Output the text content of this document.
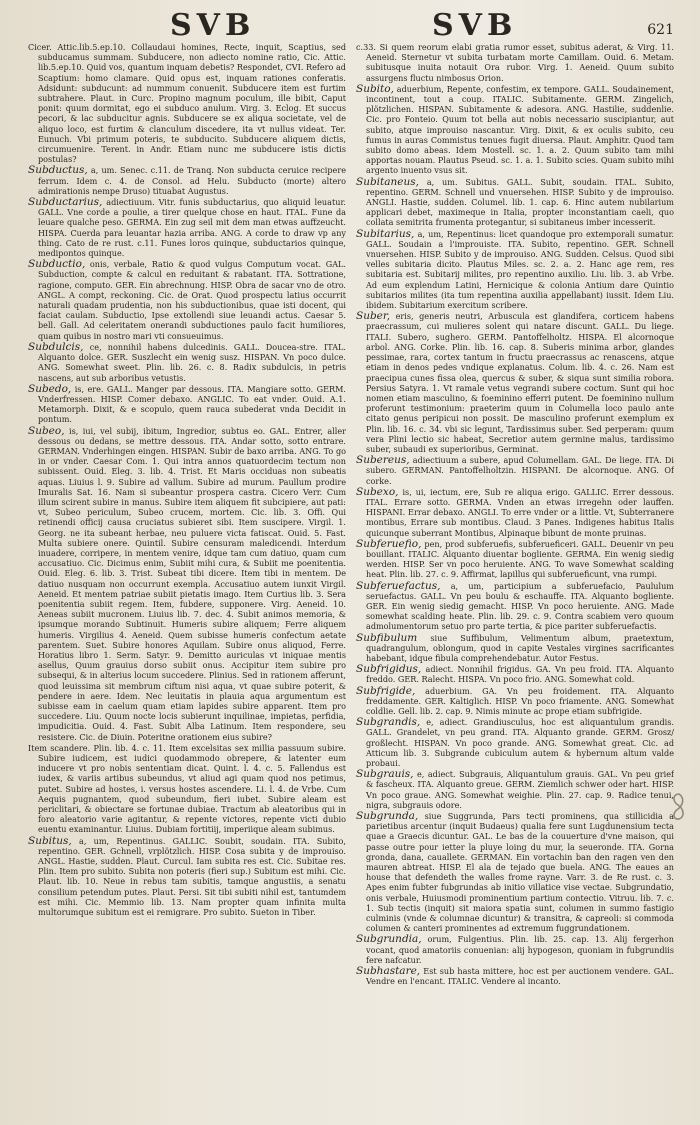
SVB	SVB	621
Cicer. Attic.lib.5.ep.10. Collaudaui homines, Recte, inquit, Scaptius, sed subducamus summam. Subducere, non adiecto nomine ratio, Cic. Attic. lib.5.ep.10. Quid vos, quantum inquam debetis? Respondet, CVI. Refero ad Scaptium: homo clamare. Quid opus est, inquam rationes conferatis. Adsidunt: subducunt: ad nummum conuenit. Subducere item est furtim subtrahere. Plaut. in Curc. Propino magnum poculum, ille bibit, Caput ponit: quum dormitat, ego ei subduco anulum. Virg. 3. Eclog. Et succus pecori, & lac subducitur agnis. Subducere se ex aliqua societate, vel de aliquo loco, est furtim & clanculum discedere, ita vt nullus videat. Ter. Eunuch. Vbi primum poteris, te subducito. Subducere aliquem dictis, circumuenire. Terent. in Andr. Etiam nunc me subducere istis dictis postulas?
Subductus, a, um. Senec. c.11. de Tranq. Non subducta ceruice recipere ferrum. Idem c. 4. de Consol. ad Helu. Subducto (morte) altero admirationis nempe Druso) tituabat Augustus.
Subductarius, adiectiuum. Vitr. funis subductarius, quo aliquid leuatur. GALL. Vne corde a poulie, a tirer quelque chose en haut. ITAL. Fune da leuare qualche peso. GERMA. Ein zug seil mit dem man etwas auffzeucht. HISPA. Cuerda para leuantar hazia arriba. ANG. A corde to draw vp any thing. Cato de re rust. c.11. Funes loros quinque, subductarios quinque, medipontos quinque.
Subductio, onis, verbale, Ratio & quod vulgus Computum vocat. GAL. Subduction, compte & calcul en reduitant & rabatant. ITA. Sottratione, ragione, computo. GER. Ein abrechnung. HISP. Obra de sacar vno de otro. ANGL. A compt, reckoning. Cic. de Orat. Quod prospectu latius occurrit naturali quadam prudentia, non his subductionibus, quae isti docent, qui faciat caulam. Subductio, Ipse extollendi siue leuandi actus. Caesar 5. bell. Gall. Ad celeritatem onerandi subductiones paulo facit humiliores, quam quibus in nostro mari vti consueuimus.
Subdulcis, ce, nonnihil habens dulcedinis. GALL. Doucea-stre. ITAL. Alquanto dolce. GER. Suszlecht ein wenig susz. HISPAN. Vn poco dulce. ANG. Somewhat sweet. Plin. lib. 26. c. 8. Radix subdulcis, in petris nascens, aut sub arboribus vetustis.
Subedo, is, ere. GALL. Manger par dessous. ITA. Mangiare sotto. GERM. Vnderfressen. HISP. Comer debaxo. ANGLIC. To eat vnder. Ouid. A.1. Metamorph. Dixit, & e scopulo, quem rauca subederat vnda Decidit in pontum.
Subeo, is, iui, vel subij, ibitum, Ingredior, subtus eo. GAL. Entrer, aller dessous ou dedans, se mettre dessous. ITA. Andar sotto, sotto entrare. GERMAN. Vnderhingen eingen. HISPAN. Subir de baxo arriba. ANG. To go in or vnder. Caesar Com. 1. Qui intra annos quatuordecim tectum non subissent. Ouid. Eleg. 3. lib. 4. Trist. Et Maris occiduas non subeatis aquas. Liuius l. 9. Subire ad vallum. Subire ad murum. Paullum prodire Imuralis Sat. 16. Nam si subeantur prospera castra. Cicero Verr. Cum illum scirent subire in manus. Subire item aliquem fit subcipiere, aut pati: vt, Subeo periculum, Subeo crucem, mortem. Cic. lib. 3. Offi. Qui retinendi officij causa cruciatus subieret sibi. Item suscipere. Virgil. 1. Georg. ne ita subeant herbae, neu puluere victa fatiscat. Ouid. 5. Fast. Multa subiere onere. Quintil. Subire censuram maledicendi. Interdum inuadere, corripere, in mentem venire, idque tam cum datiuo, quam cum accusatiuo. Cic. Dicimus enim, Subiit mihi cura, & Subiit me poenitentia. Ouid. Eleg. 6. lib. 3. Trist. Subeat tibi dicere. Item tibi in mentem. De datiuo nusquam non occurrunt exempla. Accusatiuo autem iunxit Virgil. Aeneid. Et mentem patriae subiit pietatis imago. Item Curtius lib. 3. Sera poenitentia subiit regem. Item, fubdere, supponere. Virg. Aeneid. 10. Aeneas subiit mucronem. Liuius lib. 7. dec. 4. Subit animos memoria, & ipsumque morando Subtinuit. Humeris subire aliquem; Ferre aliquem humeris. Virgilius 4. Aeneid. Quem subisse humeris confectum aetate parentem. Suet. Subire honores Aquilam. Subire onus aliquod, Ferre. Horatius libro 1. Serm. Satyr. 9. Demitto auriculas vt iniquae mentis asellus, Quum grauius dorso subiit onus. Accipitur item subire pro subsequi, & in alterius locum succedere. Plinius. Sed in rationem afferunt, quod leuissima sit membrum ciftum nisi aqua, vt quae subire poterit, & pendere in aere. Idem. Nec leuitatis in plauia aqua argumentum est subisse eam in caelum quam etiam lapides subire apparent. Item pro succedere. Liu. Quum nocte locis subierunt inquilinae, impietas, perfidia, impudicitia. Ouid. 4. Fast. Subit Alba Latinum. Item respondere, seu resistere. Cic. de Diuin. Poteritne orationem eius subire?
Item scandere. Plin. lib. 4. c. 11. Item excelsitas sex millia passuum subire. Subire iudicem, est iudici quodammodo obrepere, & latenter eum inducere vt pro nobis sententiam dicat. Quint. l. 4. c. 5. Fallendus est iudex, & variis artibus subeundus, vt aliud agi quam quod nos petimus, putet. Subire ad hostes, i. versus hostes ascendere. Li. l. 4. de Vrbe. Cum Aequis pugnantem, quod subeundum, fieri iubet. Subire aleam est periclitari, & obiectare se fortunae dubiae. Tractum ab aleatoribus qui in foro aleatorio varie agitantur, & repente victores, repente victi dubio euentu examinantur. Liuius. Dubiam fortitiij, imperiique aleam subimus.
Subitus, a, um, Repentinus. GALLIC. Soubit, soudain. ITA. Subito, repentino. GER. Gchnell, vrplötzlich. HISP. Cosa subita y de improuiso. ANGL. Hastie, sudden. Plaut. Curcul. Iam subita res est. Cic. Subitae res. Plin. Item pro subito. Subita non poteris (fieri sup.) Subitum est mihi. Cic. Plaut. lib. 10. Neue in rebus tam subitis, tamque angustiis, a senatu consilium petendum putes. Plaut. Persi. Sit tibi subiti nihil est, tantumdem est mihi. Cic. Memmio lib. 13. Nam propter quam infinita multa multorumque subitum est ei remigrare. Pro subito. Sueton in Tiber.
c.33. Si quem reorum elabi gratia rumor esset, subitus aderat, & Virg. 11. Aeneid. Sternetur vt subita turbatam morte Camillam. Ouid. 6. Metam. subitusque inuita notauit Ora rubor. Virg. 1. Aeneid. Quum subito assurgens fluctu nimbosus Orion.
Subito, aduerbium, Repente, confestim, ex tempore. GALL. Soudainement, incontinent, tout a coup. ITALIC. Subitamente. GERM. Zingelich, plötzlichen. HISPAN. Subitamente & adesora. ANG. Hastilie, suddenlie. Cic. pro Fonteio. Quum tot bella aut nobis necessario suscipiantur, aut subito, atque improuiso nascantur. Virg. Dixit, & ex oculis subito, ceu fumus in auras Commistus tenues fugit diuersa. Plaut. Amphitr. Quod tam subito domo abeas. Idem Mostell. sc. 1. a. 2. Quum subito tam mihi apportas nouam. Plautus Pseud. sc. 1. a. 1. Subito scies. Quam subito mihi argento inuento vsus sit.
Subitaneus, a, um. Subitus. GALL. Subit, soudain. ITAL. Subito, repentino. GERM. Schnell und vnuersehen. HISP. Subito y de improuiso. ANGLI. Hastie, sudden. Columel. lib. 1. cap. 6. Hinc autem nubilarium applicari debet, maximeque in Italia, propter inconstantiam caeli, quo collata semitrita frumenta protegantur, si subitaneus imber incesserit.
Subitarius, a, um, Repentinus: licet quandoque pro extemporali sumatur. GALL. Soudain a l'improuiste. ITA. Subito, repentino. GER. Schnell vnuersehen. HISP. Subito y de improuiso. ANG. Sudden. Celsus. Quod sibi velles subitaria dicito. Plautus Miles. sc. 2. a. 2. Hanc age rem, res subitaria est. Subitarij milites, pro repentino auxilio. Liu. lib. 3. ab Vrbe. Ad eum explendum Latini, Hernicique & colonia Antium dare Quintio subitarios milites (ita tum repentina auxilia appellabant) iussit. Idem Liu. ibidem. Subitarium exercitum scribere.
Suber, eris, generis neutri, Arbuscula est glandifera, corticem habens praecrassum, cui mulieres solent qui natare discunt. GALL. Du liege. ITALI. Subero, sughero. GERM. Pantoffelholtz. HISPA. El alcornoque arbol. ANG. Corke. Plin. lib. 16. cap. 8. Suberis minima arbor, glandes pessimae, rara, cortex tantum in fructu praecrassus ac renascens, atque etiam in denos pedes vndique explanatus. Colum. lib. 4. c. 26. Nam est praecipua cunes fissa olea, quercus & suber, & siqua sunt similia robora. Persius Satyra. 1. Vt ramale vetus vegrandi subere coctum. Sunt qui hoc nomen etiam masculino, & foeminino efferri putent. De foeminino nullum proferunt testimonium: praeterim quum in Columella loco paulo ante citato genus peripicui non possit. De masculino proferunt exemplum ex Plin. lib. 16. c. 34. vbi sic legunt, Tardissimus suber. Sed perperam: quum vera Plini lectio sic habeat, Secretior autem germine malus, tardissimo suber, subaudi ex superioribus, Germinat.
Subereus, adiectiuum a subere, apud Columellam. GAL. De liege. ITA. Di subero. GERMAN. Pantoffelholtzin. HISPANI. De alcornoque. ANG. Of corke.
Subexo, is, ui, iectum, ere, Sub re aliqua erigo. GALLIC. Errer dessous. ITAL. Errare sotto. GERMA. Vnden an etwas irregehn oder lauffen. HISPANI. Errar debaxo. ANGLI. To erre vnder or a little. Vt, Subterranere montibus, Errare sub montibus. Claud. 3 Panes. Indigenes habitus Italis quicunque suberrant Montibus, Alpinaque bibunt de monte pruinas.
Subferuefio, pen, prod subferuefis, subferueficeri. GALL. Deuenir vn peu bouillant. ITALIC. Alquanto diuentar bogliente. GERMA. Ein wenig siedig werden. HISP. Ser vn poco heruiente. ANG. To wave Somewhat scalding heat. Plin. lib. 27. c. 9. Affirmat, lapillus qui subferueficunt, vna rumpi.
Subferuefactus, a, um, participium a subferuefacio, Paululum seruefactus. GALL. Vn peu boulu & eschauffe. ITA. Alquanto bogliente. GER. Ein wenig siedig gemacht. HISP. Vn poco heruiente. ANG. Made somewhat scalding heate. Plin. lib. 29. c. 9. Contra scabiem vero quoum admolumentorum setuo pro parte tertia, & pice pariter subferuefactis.
Subfibulum siue Suffibulum, Velimentum album, praetextum, quadrangulum, oblongum, quod in capite Vestales virgines sacrificantes habebant, idque fibula comprehendebatur. Autor Festus.
Subfrigidus, adiect. Nonnihil frigidus. GA. Vn peu froid. ITA. Alquanto freddo. GER. Ralecht. HISPA. Vn poco frio. ANG. Somewhat cold.
Subfrigide, aduerbium. GA. Vn peu froidement. ITA. Alquanto freddamente. GER. Kaltiglich. HISP. Vn poco friamente. ANG. Somewhat coldlie. Gell. lib. 2. cap. 9. Nimis minute ac prope etiam subfrigide.
Subgrandis, e, adiect. Grandiusculus, hoc est aliquantulum grandis. GALL. Grandelet, vn peu grand. ITA. Alquanto grande. GERM. Grosz/ großlecht. HISPAN. Vn poco grande. ANG. Somewhat great. Cic. ad Atticum lib. 3. Subgrande cubiculum autem & hybernum altum valde probaui.
Subgrauis, e, adiect. Subgrauis, Aliquantulum grauis. GAL. Vn peu grief & fascheux. ITA. Alquanto greue. GERM. Ziemlich schwer oder hart. HISP. Vn poco graue. ANG. Somewhat weighie. Plin. 27. cap. 9. Radice tenui, nigra, subgrauis odore.
Subgrunda, siue Suggrunda, Pars tecti prominens, qua stillicidia a parietibus arcentur (inquit Budaeus) qualia fere sunt Lugdunensium tecta quae a Graecis dicuntur. GAL. Le bas de la couuerture d'vne maison, qui passe outre pour ietter la pluye loing du mur, la seueronde. ITA. Gorna gronda, dana, cauallete. GERMAN. Ein vortachin ban den ragen ven den mauren abtreat. HISP. El ala de tejado que buela. ANG. The eaues an house that defendeth the walles frome rayne. Varr. 3. de Re rust. c. 3. Apes enim fubter fubgrundas ab initio villatice vise vectae. Subgrundatio, onis verbale, Huiusmodi prominentium partium contectio. Vitruu. lib. 7. c. 1. Sub tectis (inquit) sit maiora spatia sunt, columen in summo fastigio culminis (vnde & columnae dicuntur) & transitra, & capreoli: si commoda columen & canteri prominentes ad extremum fuggrundationem.
Subgrundia, orum, Fulgentius. Plin. lib. 25. cap. 13. Alij fergerhon vocant, quod amatoriis conuenian: alij hypogeson, quoniam in fubgrundiis fere nafcatur.
Subhastare, Est sub hasta mittere, hoc est per auctionem vendere. GAL. Vendre en l'encant. ITALIC. Vendere al incanto.
